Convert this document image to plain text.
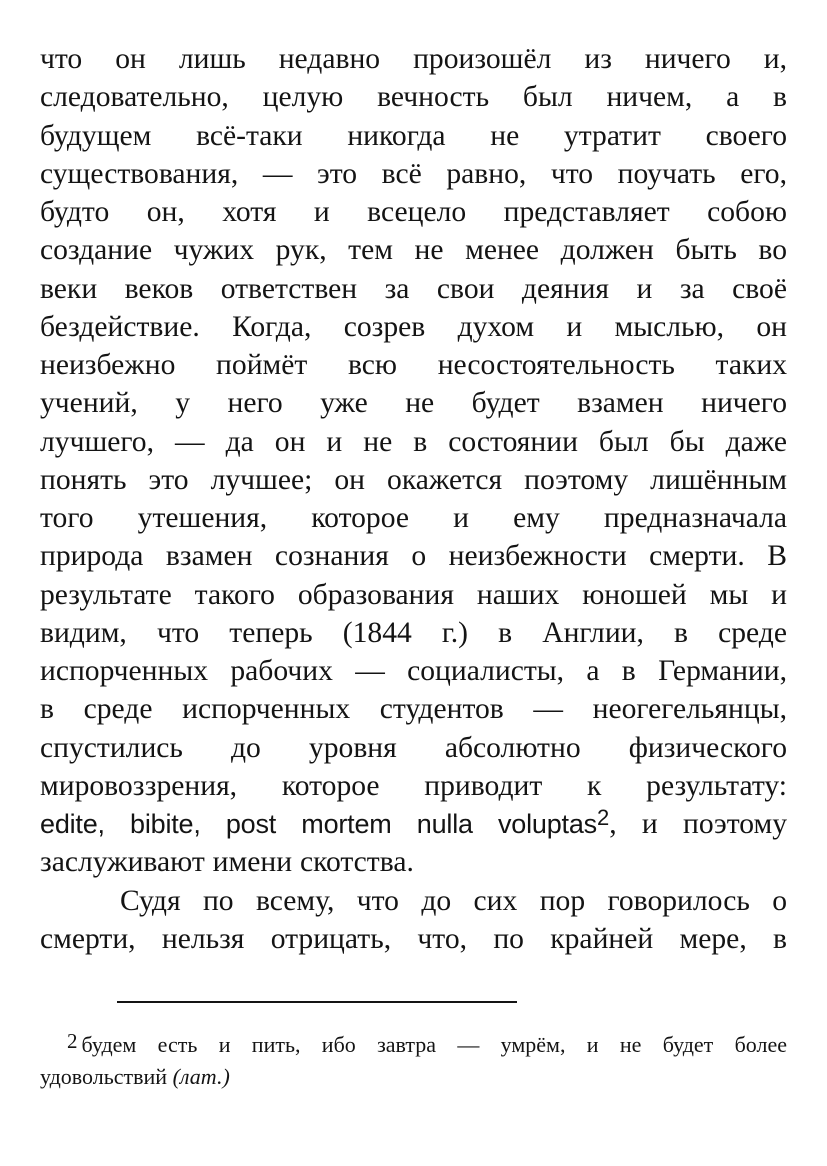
что он лишь недавно произошёл из ничего и,
следовательно, целую вечность был ничем, а в
будущем всё-таки никогда не утратит своего
существования, — это всё равно, что поучать его,
будто он, хотя и всецело представляет собою
создание чужих рук, тем не менее должен быть во
веки веков ответствен за свои деяния и за своё
бездействие. Когда, созрев духом и мыслью, он
неизбежно поймёт всю несостоятельность таких
учений, у него уже не будет взамен ничего
лучшего, — да он и не в состоянии был бы даже
понять это лучшее; он окажется поэтому лишённым
того утешения, которое и ему предназначала
природа взамен сознания о неизбежности смерти. В
результате такого образования наших юношей мы и
видим, что теперь (1844 г.) в Англии, в среде
испорченных рабочих — социалисты, а в Германии,
в среде испорченных студентов — неогегельянцы,
спустились до уровня абсолютно физического
мировоззрения, которое приводит к результату:
edite, bibite, post mortem nulla voluptas$^2$, и поэтому
заслуживают имени скотства.
Судя по всему, что до сих пор говорилось о
смерти, нельзя отрицать, что, по крайней мере, в
2 будем есть и пить, ибо завтра — умрём, и не будет более
удовольствий (лат.)
